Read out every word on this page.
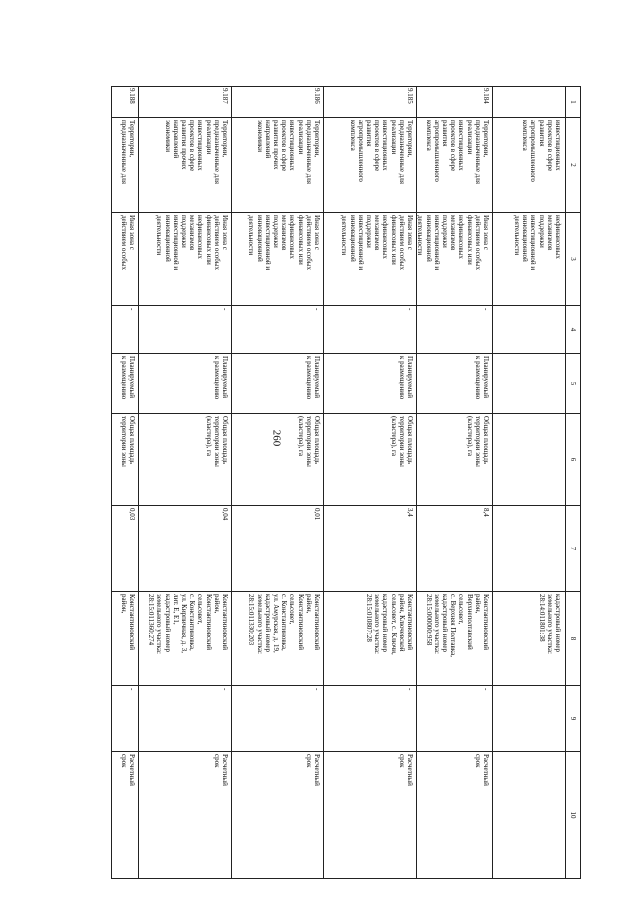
260
1
2
3
4
5
6
7
8
9
10
инвестиционных
проектов в сфере
развития
агропромышленного
комплекса
нефинансовых
механизмов
поддержки
инвестиционной и
инновационной
деятельности
кадастровый номер
земельного участка:
28:14:011801:38
9.184
Территории,
предназначенные для
реализации
инвестиционных
проектов в сфере
развития
агропромышленного
комплекса
Иная зона с
действием особых
финансовых или
нефинансовых
механизмов
поддержки
инвестиционной и
инновационной
деятельности
-
Планируемый
к размещению
Общая площадь
территории зоны
(кластера), га
8,4
Константиновский
район,
Верхнеполтавский
сельсовет,
с. Верхняя Полтавка,
кадастровый номер
земельного участка:
28:15:000000:958
-
Расчетный
срок
9.185
Территории,
предназначенные для
реализации
инвестиционных
проектов в сфере
развития
агропромышленного
комплекса
Иная зона с
действием особых
финансовых или
нефинансовых
механизмов
поддержки
инвестиционной и
инновационной
деятельности
-
Планируемый
к размещению
Общая площадь
территории зоны
(кластера), га
3,4
Константиновский
район, Ключевской
сельсовет, с. Ключи,
кадастровый номер
земельного участка:
28:15:010807:28
-
Расчетный
срок
9.186
Территории,
предназначенные для
реализации
инвестиционных
проектов в сфере
развития прочих
направлений
экономики
Иная зона с
действием особых
финансовых или
нефинансовых
механизмов
поддержки
инвестиционной и
инновационной
деятельности
-
Планируемый
к размещению
Общая площадь
территории зоны
(кластера), га
0,01
Константиновский
район,
Константиновский
сельсовет,
с. Константиновка,
ул. Амурская, д. 19,
кадастровый номер
земельного участка:
28:15:011330:203
-
Расчетный
срок
9.187
Территории,
предназначенные для
реализации
инвестиционных
проектов в сфере
развития прочих
направлений
экономики
Иная зона с
действием особых
финансовых или
нефинансовых
механизмов
поддержки
инвестиционной и
инновационной
деятельности
-
Планируемый
к размещению
Общая площадь
территории зоны
(кластера), га
0,04
Константиновский
район,
Константиновский
сельсовет,
с. Константиновка,
ул. Кирпичная, д. 3,
лит. Е, Е1,
кадастровый номер
земельного участка:
28:15:011360:274
-
Расчетный
срок
9.188
Территории,
предназначенные для
Иная зона с
действием особых
-
Планируемый
к размещению
Общая площадь
территории зоны
0,03
Константиновский
район,
-
Расчетный
срок
